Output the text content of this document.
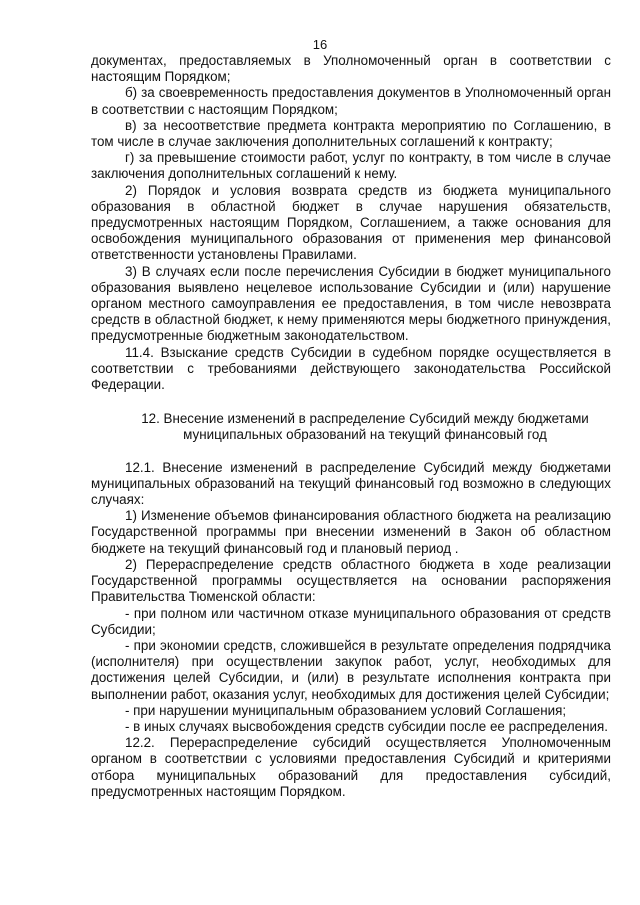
16

документах, предоставляемых в Уполномоченный орган в соответствии с настоящим Порядком;

б) за своевременность предоставления документов в Уполномоченный орган в соответствии с настоящим Порядком;

в) за несоответствие предмета контракта мероприятию по Соглашению, в том числе в случае заключения дополнительных соглашений к контракту;

г) за превышение стоимости работ, услуг по контракту, в том числе в случае заключения дополнительных соглашений к нему.

2) Порядок и условия возврата средств из бюджета муниципального образования в областной бюджет в случае нарушения обязательств, предусмотренных настоящим Порядком, Соглашением, а также основания для освобождения муниципального образования от применения мер финансовой ответственности установлены Правилами.

3) В случаях если после перечисления Субсидии в бюджет муниципального образования выявлено нецелевое использование Субсидии и (или) нарушение органом местного самоуправления ее предоставления, в том числе невозврата средств в областной бюджет, к нему применяются меры бюджетного принуждения, предусмотренные бюджетным законодательством.

11.4. Взыскание средств Субсидии в судебном порядке осуществляется в соответствии с требованиями действующего законодательства Российской Федерации.

12. Внесение изменений в распределение Субсидий между бюджетами
муниципальных образований на текущий финансовый год

12.1. Внесение изменений в распределение Субсидий между бюджетами муниципальных образований на текущий финансовый год возможно в следующих случаях:

1) Изменение объемов финансирования областного бюджета на реализацию Государственной программы при внесении изменений в Закон об областном бюджете на текущий финансовый год и плановый период .

2) Перераспределение средств областного бюджета в ходе реализации Государственной программы осуществляется на основании распоряжения Правительства Тюменской области:

- при полном или частичном отказе муниципального образования от средств Субсидии;

- при экономии средств, сложившейся в результате определения подрядчика (исполнителя) при осуществлении закупок работ, услуг, необходимых для достижения целей Субсидии, и (или) в результате исполнения контракта при выполнении работ, оказания услуг, необходимых для достижения целей Субсидии;

- при нарушении муниципальным образованием условий Соглашения;

- в иных случаях высвобождения средств субсидии после ее распределения.

12.2. Перераспределение субсидий осуществляется Уполномоченным органом в соответствии с условиями предоставления Субсидий и критериями отбора муниципальных образований для предоставления субсидий, предусмотренных настоящим Порядком.
